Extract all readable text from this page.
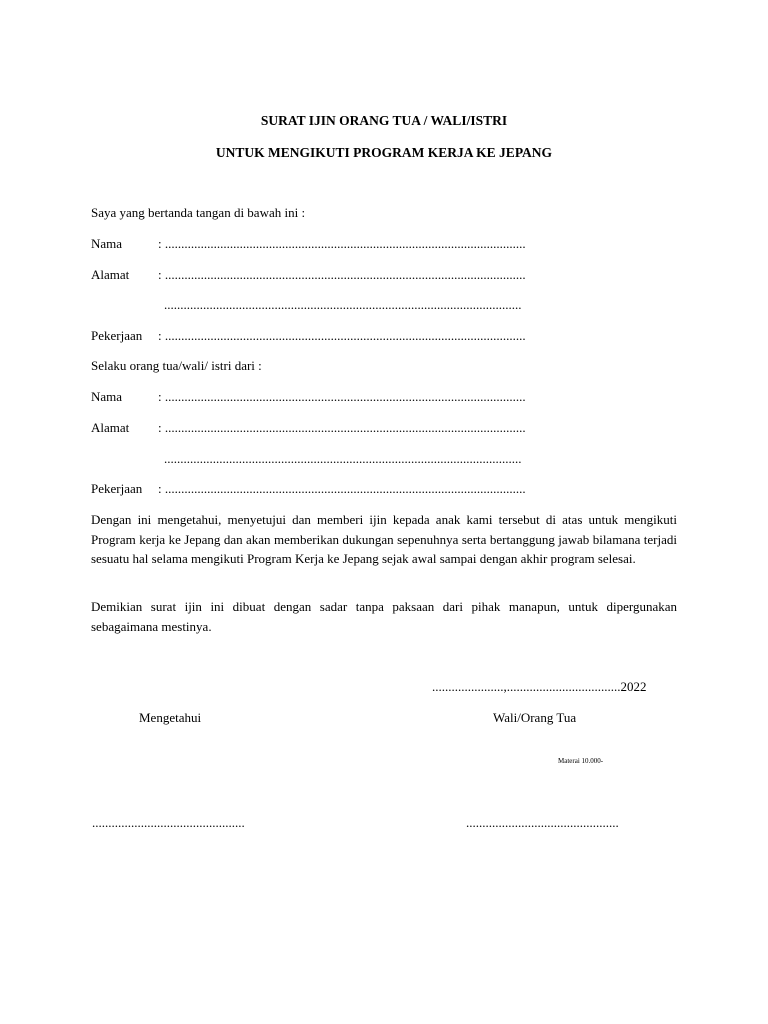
SURAT IJIN ORANG TUA / WALI/ISTRI
UNTUK MENGIKUTI PROGRAM KERJA KE JEPANG
Saya yang bertanda tangan di bawah ini :
Nama	: ...............................................................................................................
Alamat : ...............................................................................................................
..............................................................................................................
Pekerjaan : ...............................................................................................................
Selaku orang tua/wali/ istri dari :
Nama	: ...............................................................................................................
Alamat : ...............................................................................................................
..............................................................................................................
Pekerjaan : ...............................................................................................................
Dengan ini mengetahui, menyetujui dan memberi ijin kepada anak kami tersebut di atas untuk mengikuti Program kerja ke Jepang dan akan memberikan dukungan sepenuhnya serta bertanggung jawab bilamana terjadi sesuatu hal selama mengikuti Program Kerja ke Jepang sejak awal sampai dengan akhir program selesai.
Demikian surat ijin ini dibuat dengan sadar tanpa paksaan dari pihak manapun, untuk dipergunakan sebagaimana mestinya.
......................,...................................2022
Mengetahui	Wali/Orang Tua
Materai 10.000-
...............................................	...............................................
